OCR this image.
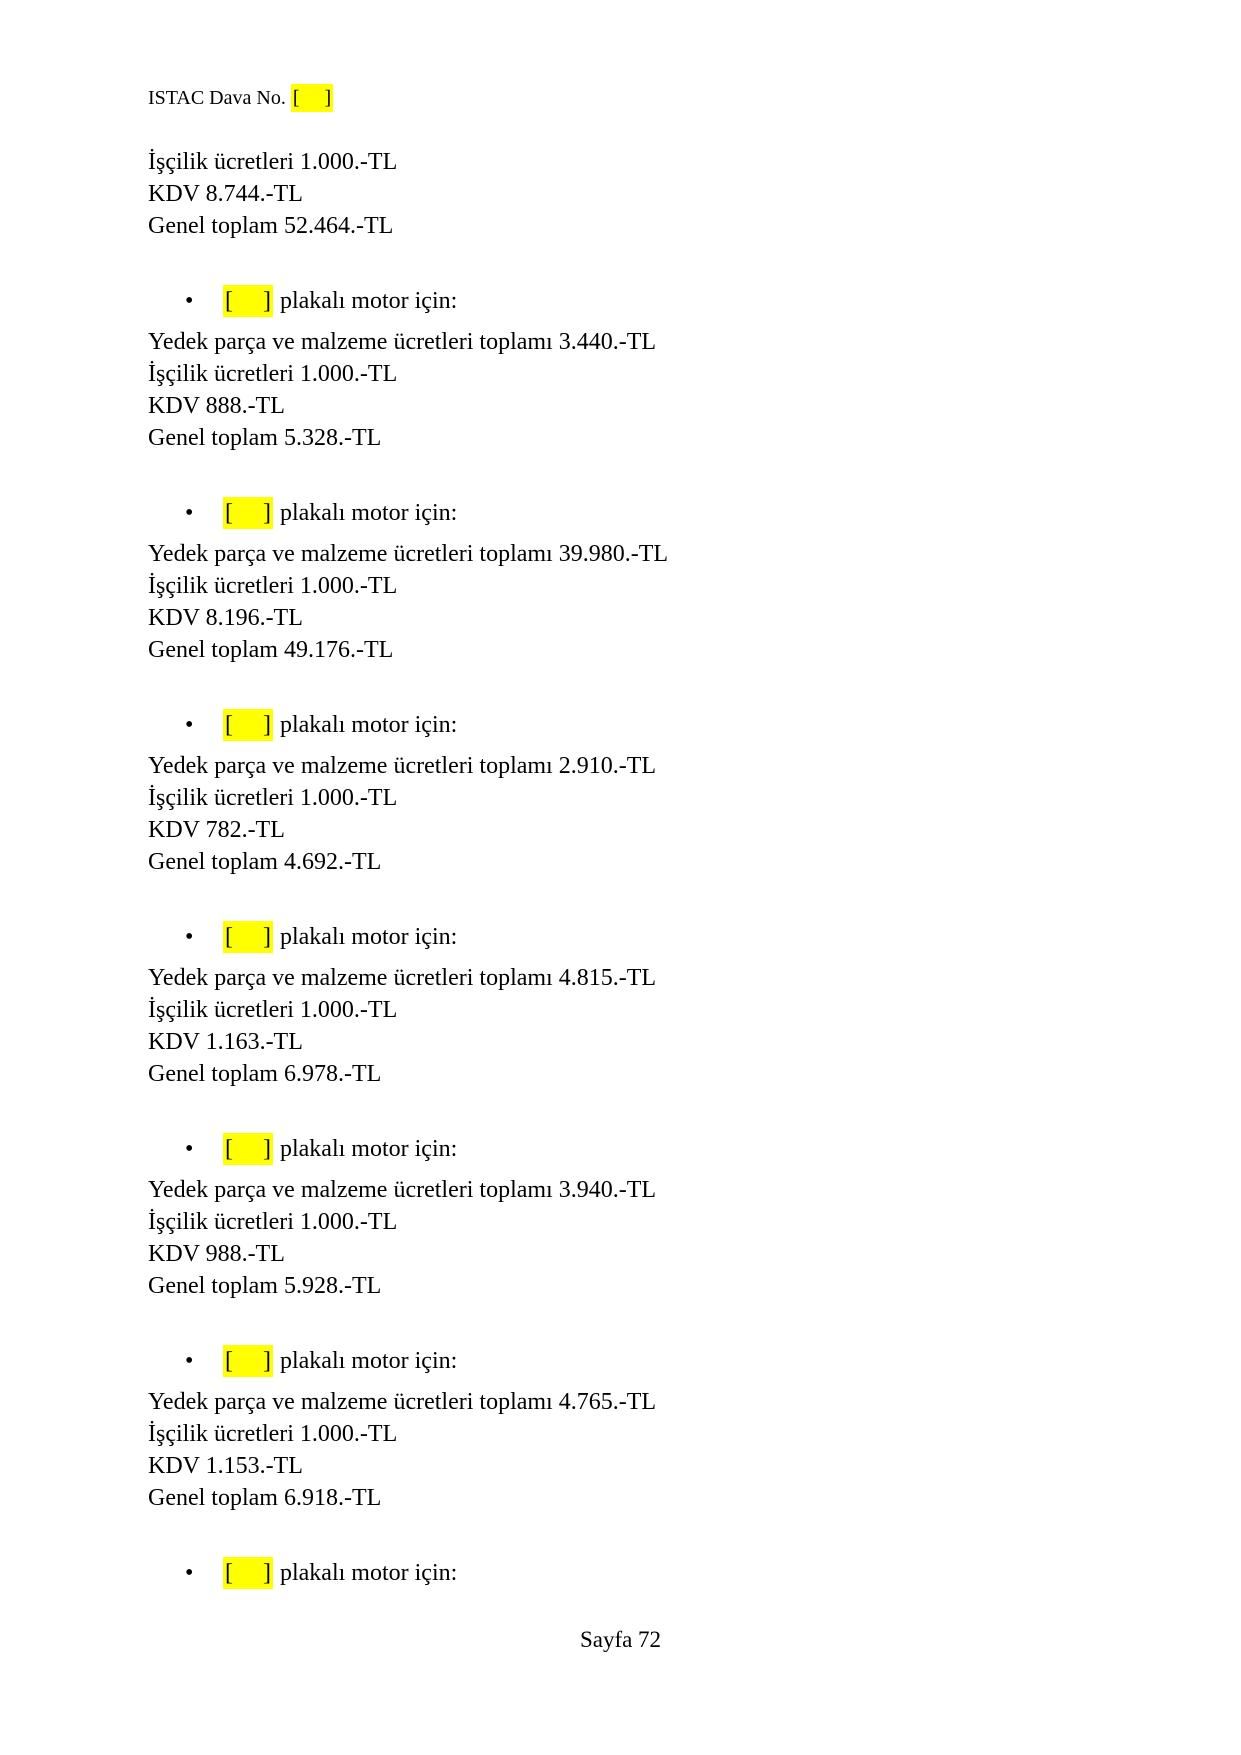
ISTAC Dava No. [     ]
İşçilik ücretleri 1.000.-TL
KDV 8.744.-TL
Genel toplam 52.464.-TL
•[     ] plakalı motor için:
Yedek parça ve malzeme ücretleri toplamı 3.440.-TL
İşçilik ücretleri 1.000.-TL
KDV 888.-TL
Genel toplam 5.328.-TL
•[     ] plakalı motor için:
Yedek parça ve malzeme ücretleri toplamı 39.980.-TL
İşçilik ücretleri 1.000.-TL
KDV 8.196.-TL
Genel toplam 49.176.-TL
•[     ] plakalı motor için:
Yedek parça ve malzeme ücretleri toplamı 2.910.-TL
İşçilik ücretleri 1.000.-TL
KDV 782.-TL
Genel toplam 4.692.-TL
•[     ] plakalı motor için:
Yedek parça ve malzeme ücretleri toplamı 4.815.-TL
İşçilik ücretleri 1.000.-TL
KDV 1.163.-TL
Genel toplam 6.978.-TL
•[     ] plakalı motor için:
Yedek parça ve malzeme ücretleri toplamı 3.940.-TL
İşçilik ücretleri 1.000.-TL
KDV 988.-TL
Genel toplam 5.928.-TL
•[     ] plakalı motor için:
Yedek parça ve malzeme ücretleri toplamı 4.765.-TL
İşçilik ücretleri 1.000.-TL
KDV 1.153.-TL
Genel toplam 6.918.-TL
•[     ] plakalı motor için:
Sayfa 72
